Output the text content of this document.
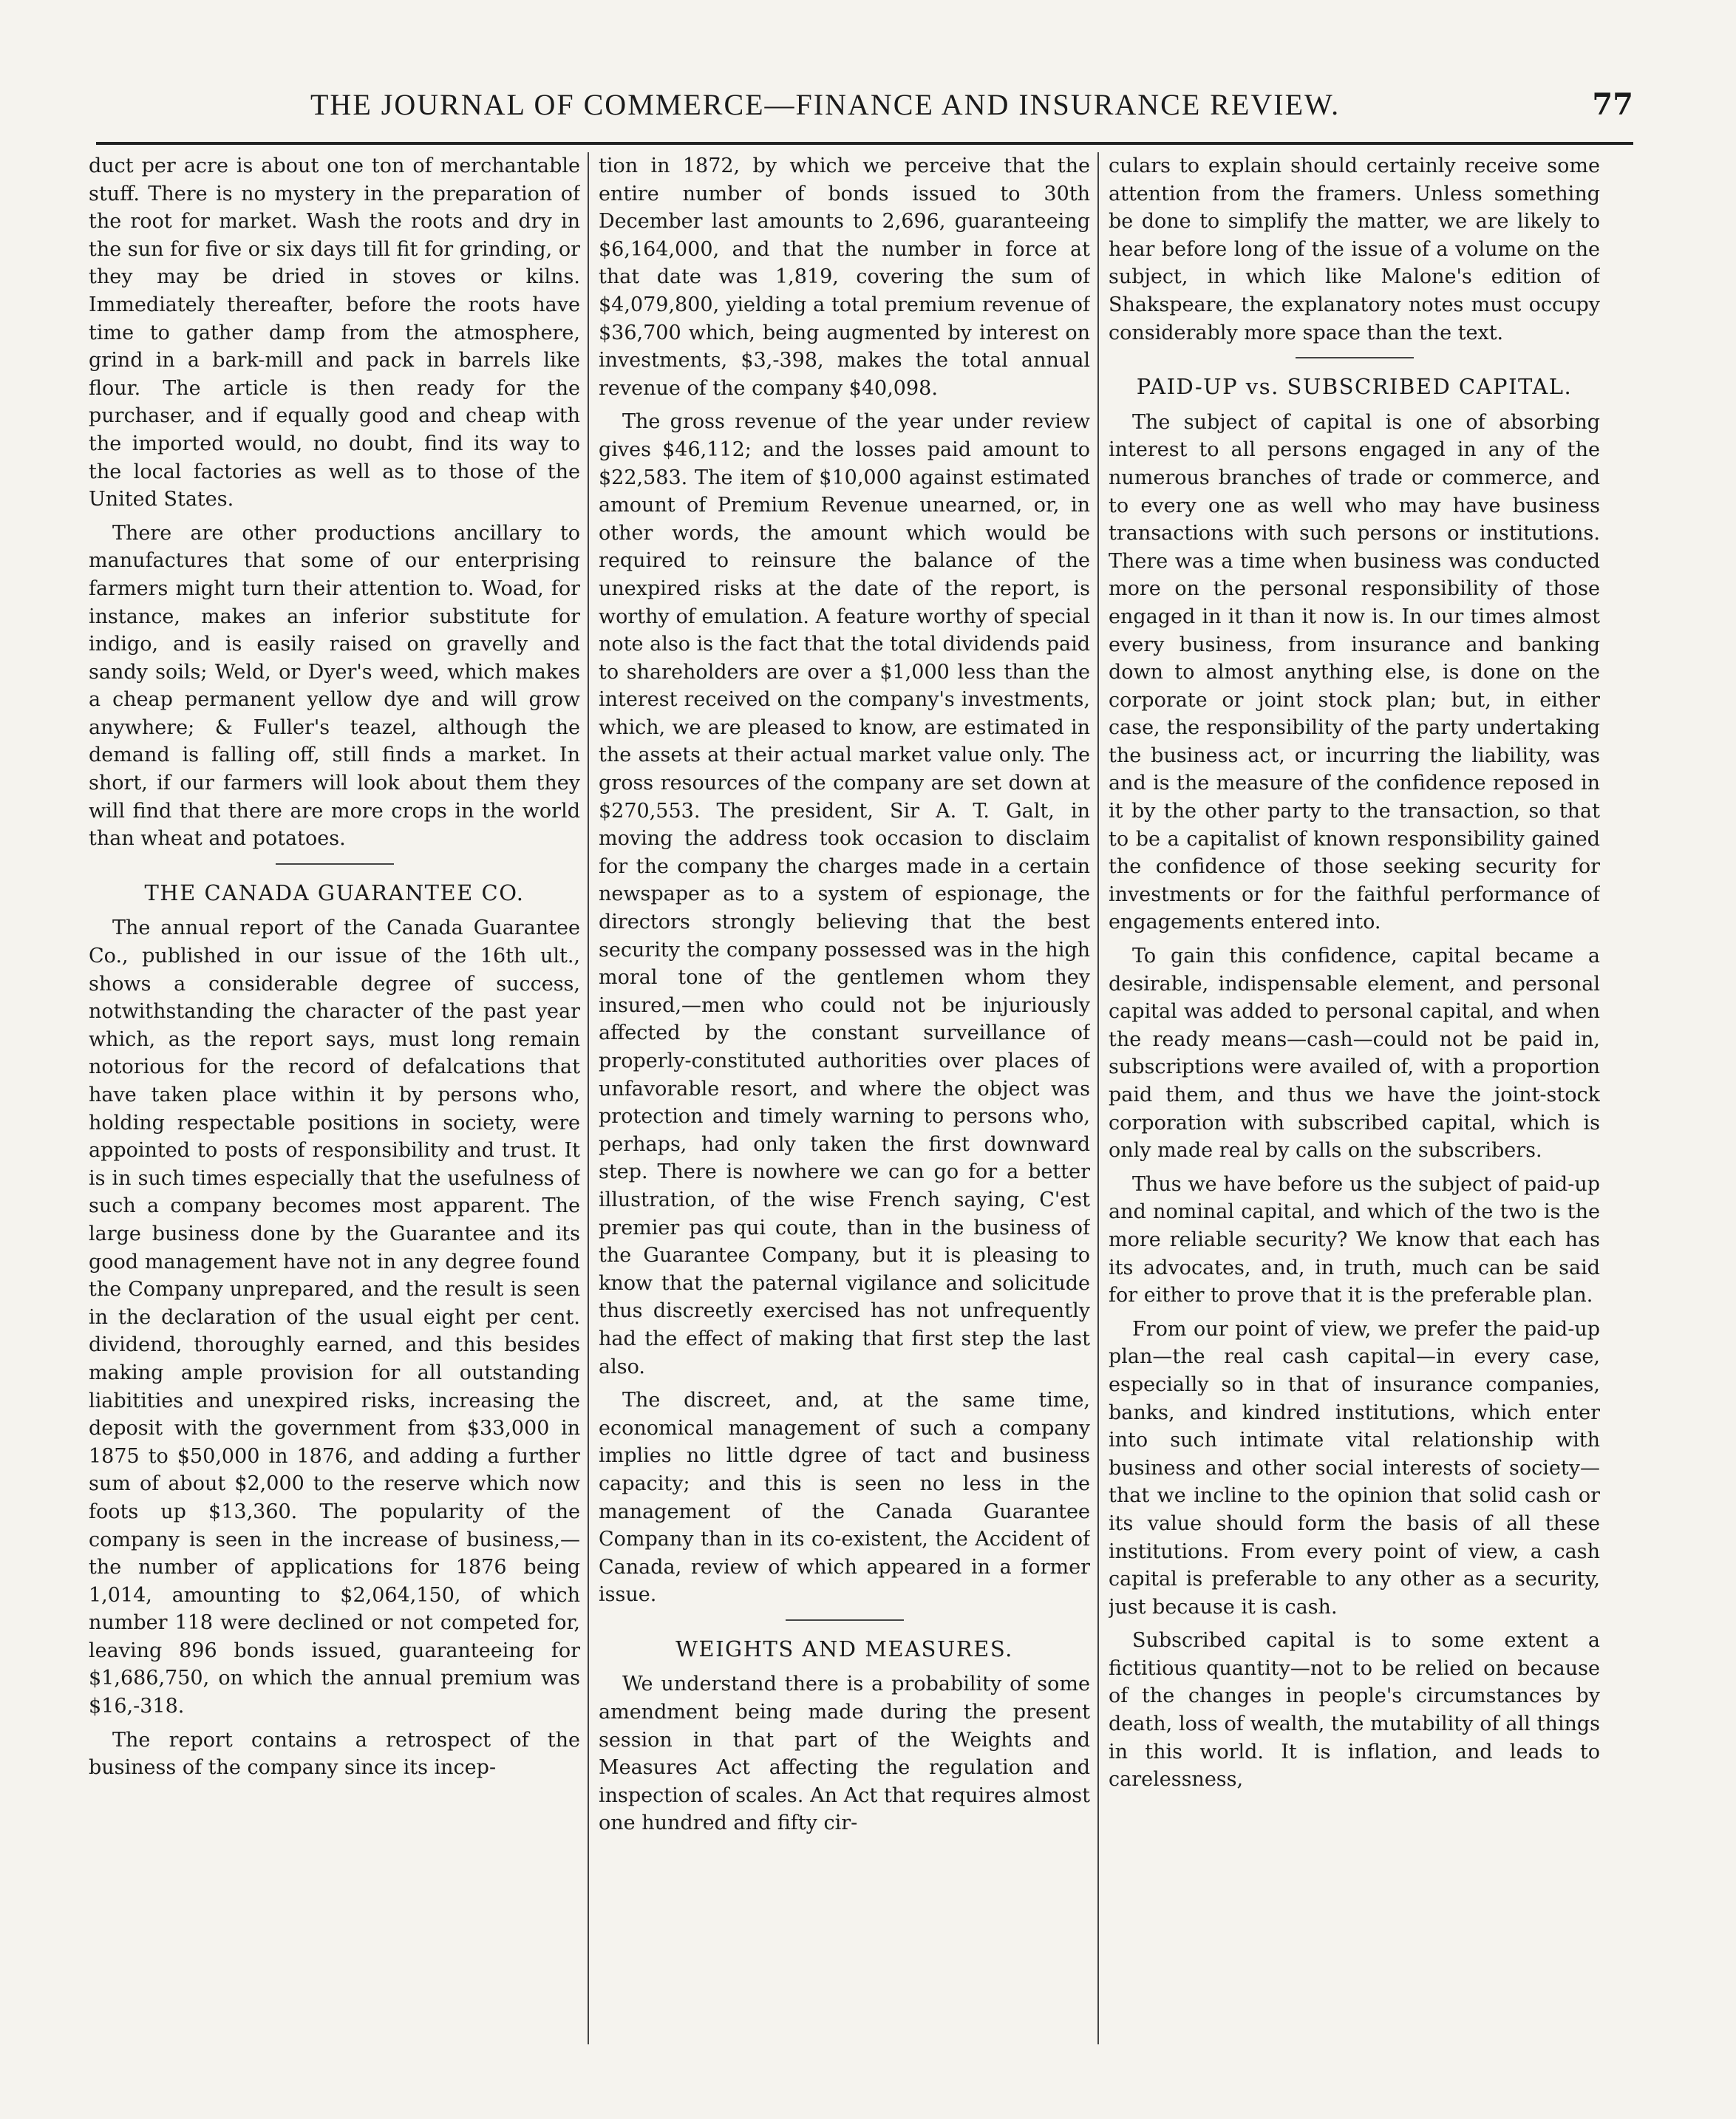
THE JOURNAL OF COMMERCE—FINANCE AND INSURANCE REVIEW.	77

duct per acre is about one ton of merchantable stuff. There is no mystery in the preparation of the root for market. Wash the roots and dry in the sun for five or six days till fit for grinding, or they may be dried in stoves or kilns. Immediately thereafter, before the roots have time to gather damp from the atmosphere, grind in a bark-mill and pack in barrels like flour. The article is then ready for the purchaser, and if equally good and cheap with the imported would, no doubt, find its way to the local factories as well as to those of the United States.

There are other productions ancillary to manufactures that some of our enterprising farmers might turn their attention to. Woad, for instance, makes an inferior substitute for indigo, and is easily raised on gravelly and sandy soils; Weld, or Dyer's weed, which makes a cheap permanent yellow dye and will grow anywhere; & Fuller's teazel, although the demand is falling off, still finds a market. In short, if our farmers will look about them they will find that there are more crops in the world than wheat and potatoes.

THE CANADA GUARANTEE CO.

The annual report of the Canada Guarantee Co., published in our issue of the 16th ult., shows a considerable degree of success, notwithstanding the character of the past year which, as the report says, must long remain notorious for the record of defalcations that have taken place within it by persons who, holding respectable positions in society, were appointed to posts of responsibility and trust. It is in such times especially that the usefulness of such a company becomes most apparent. The large business done by the Guarantee and its good management have not in any degree found the Company unprepared, and the result is seen in the declaration of the usual eight per cent. dividend, thoroughly earned, and this besides making ample provision for all outstanding liabitities and unexpired risks, increasing the deposit with the government from $33,000 in 1875 to $50,000 in 1876, and adding a further sum of about $2,000 to the reserve which now foots up $13,360. The popularity of the company is seen in the increase of business,—the number of applications for 1876 being 1,014, amounting to $2,064,150, of which number 118 were declined or not competed for, leaving 896 bonds issued, guaranteeing for $1,686,750, on which the annual premium was $16,-318.

The report contains a retrospect of the business of the company since its incep-

tion in 1872, by which we perceive that the entire number of bonds issued to 30th December last amounts to 2,696, guaranteeing $6,164,000, and that the number in force at that date was 1,819, covering the sum of $4,079,800, yielding a total premium revenue of $36,700 which, being augmented by interest on investments, $3,-398, makes the total annual revenue of the company $40,098.

The gross revenue of the year under review gives $46,112; and the losses paid amount to $22,583. The item of $10,000 against estimated amount of Premium Revenue unearned, or, in other words, the amount which would be required to reinsure the balance of the unexpired risks at the date of the report, is worthy of emulation. A feature worthy of special note also is the fact that the total dividends paid to shareholders are over a $1,000 less than the interest received on the company's investments, which, we are pleased to know, are estimated in the assets at their actual market value only. The gross resources of the company are set down at $270,553. The president, Sir A. T. Galt, in moving the address took occasion to disclaim for the company the charges made in a certain newspaper as to a system of espionage, the directors strongly believing that the best security the company possessed was in the high moral tone of the gentlemen whom they insured,—men who could not be injuriously affected by the constant surveillance of properly-constituted authorities over places of unfavorable resort, and where the object was protection and timely warning to persons who, perhaps, had only taken the first downward step. There is nowhere we can go for a better illustration, of the wise French saying, C'est premier pas qui coute, than in the business of the Guarantee Company, but it is pleasing to know that the paternal vigilance and solicitude thus discreetly exercised has not unfrequently had the effect of making that first step the last also.

The discreet, and, at the same time, economical management of such a company implies no little dgree of tact and business capacity; and this is seen no less in the management of the Canada Guarantee Company than in its co-existent, the Accident of Canada, review of which appeared in a former issue.

WEIGHTS AND MEASURES.

We understand there is a probability of some amendment being made during the present session in that part of the Weights and Measures Act affecting the regulation and inspection of scales. An Act that requires almost one hundred and fifty cir-

culars to explain should certainly receive some attention from the framers. Unless something be done to simplify the matter, we are likely to hear before long of the issue of a volume on the subject, in which like Malone's edition of Shakspeare, the explanatory notes must occupy considerably more space than the text.

PAID-UP vs. SUBSCRIBED CAPITAL.

The subject of capital is one of absorbing interest to all persons engaged in any of the numerous branches of trade or commerce, and to every one as well who may have business transactions with such persons or institutions. There was a time when business was conducted more on the personal responsibility of those engaged in it than it now is. In our times almost every business, from insurance and banking down to almost anything else, is done on the corporate or joint stock plan; but, in either case, the responsibility of the party undertaking the business act, or incurring the liability, was and is the measure of the confidence reposed in it by the other party to the transaction, so that to be a capitalist of known responsibility gained the confidence of those seeking security for investments or for the faithful performance of engagements entered into.

To gain this confidence, capital became a desirable, indispensable element, and personal capital was added to personal capital, and when the ready means—cash—could not be paid in, subscriptions were availed of, with a proportion paid them, and thus we have the joint-stock corporation with subscribed capital, which is only made real by calls on the subscribers.

Thus we have before us the subject of paid-up and nominal capital, and which of the two is the more reliable security? We know that each has its advocates, and, in truth, much can be said for either to prove that it is the preferable plan.

From our point of view, we prefer the paid-up plan—the real cash capital—in every case, especially so in that of insurance companies, banks, and kindred institutions, which enter into such intimate vital relationship with business and other social interests of society—that we incline to the opinion that solid cash or its value should form the basis of all these institutions. From every point of view, a cash capital is preferable to any other as a security, just because it is cash.

Subscribed capital is to some extent a fictitious quantity—not to be relied on because of the changes in people's circumstances by death, loss of wealth, the mutability of all things in this world. It is inflation, and leads to carelessness,
